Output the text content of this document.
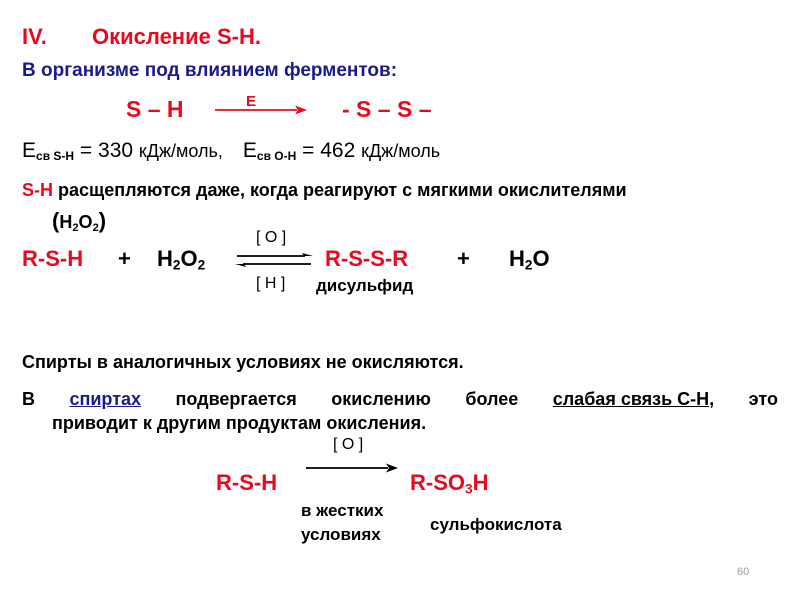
IV. Окисление S-H.
В организме под влиянием ферментов:
S – H	E	- S – S –
$E_{св S-H} = 330$ кДж/моль, $E_{св O-H} = 462$ кДж/моль
S-H расщепляются даже, когда реагируют с мягкими окислителями
$(H_2O_2)$
$R-S-H + H_2O_2$
[ O ]
[ H ]
R-S-S-R
дисульфид
+ $H_2O$
Спирты в аналогичных условиях не окисляются.
В спиртах подвергается окислению более слабая связь С-Н, это
приводит к другим продуктам окисления.
[ O ]
R-S-H	$R-SO_3H$
в жестких
условиях
сульфокислота
60
